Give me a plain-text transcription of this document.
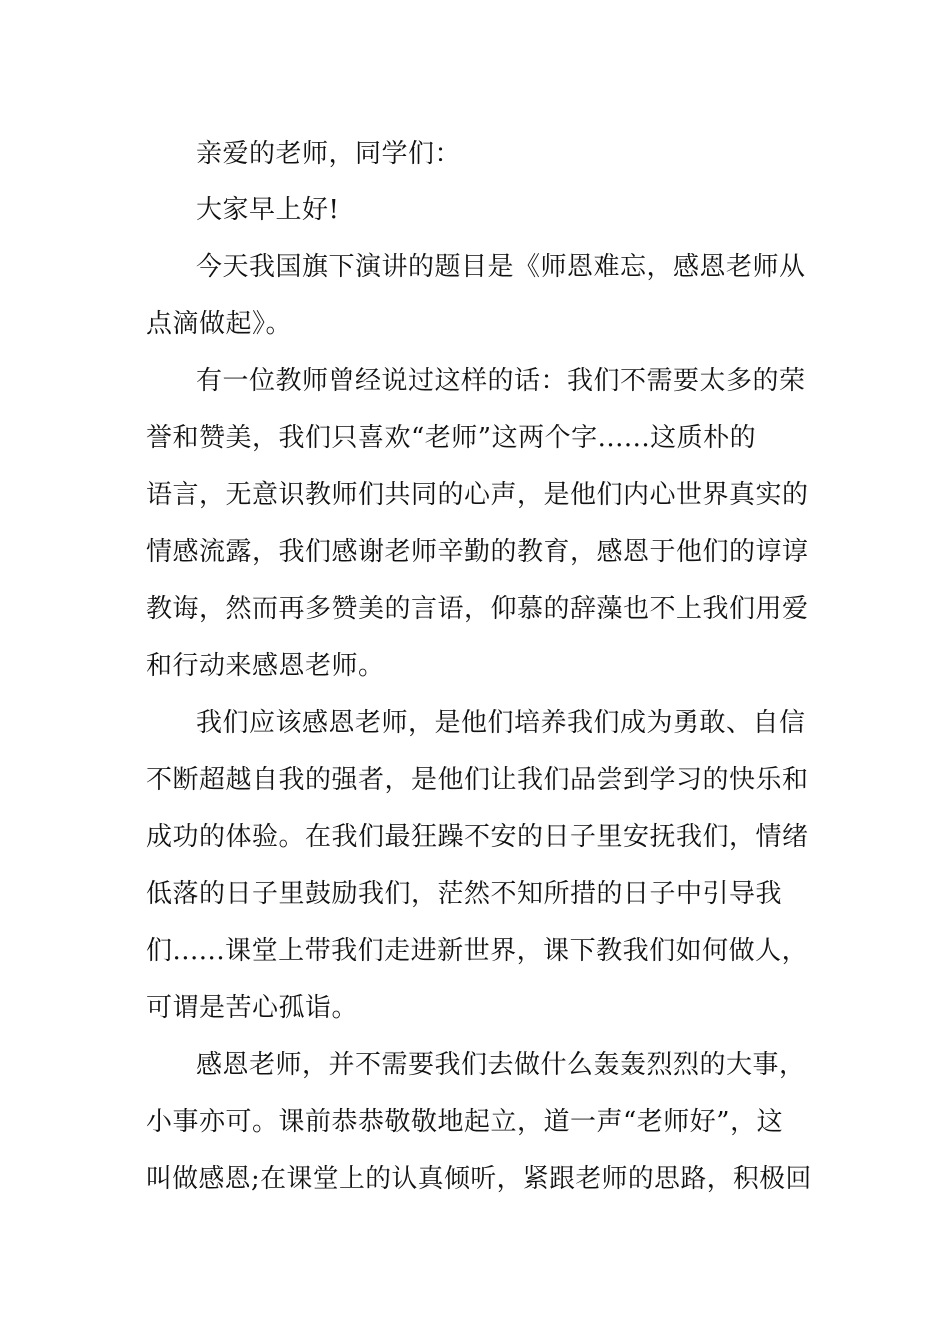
亲爱的老师，同学们：
大家早上好!
今天我国旗下演讲的题目是《师恩难忘，感恩老师从
点滴做起》。
有一位教师曾经说过这样的话：我们不需要太多的荣
誉和赞美，我们只喜欢“老师”这两个字......这质朴的
语言，无意识教师们共同的心声，是他们内心世界真实的
情感流露，我们感谢老师辛勤的教育，感恩于他们的谆谆
教诲，然而再多赞美的言语，仰慕的辞藻也不上我们用爱
和行动来感恩老师。
我们应该感恩老师，是他们培养我们成为勇敢、自信
不断超越自我的强者，是他们让我们品尝到学习的快乐和
成功的体验。在我们最狂躁不安的日子里安抚我们，情绪
低落的日子里鼓励我们，茫然不知所措的日子中引导我
们......课堂上带我们走进新世界，课下教我们如何做人，
可谓是苦心孤诣。
感恩老师，并不需要我们去做什么轰轰烈烈的大事，
小事亦可。课前恭恭敬敬地起立，道一声“老师好”，这
叫做感恩;在课堂上的认真倾听，紧跟老师的思路，积极回
